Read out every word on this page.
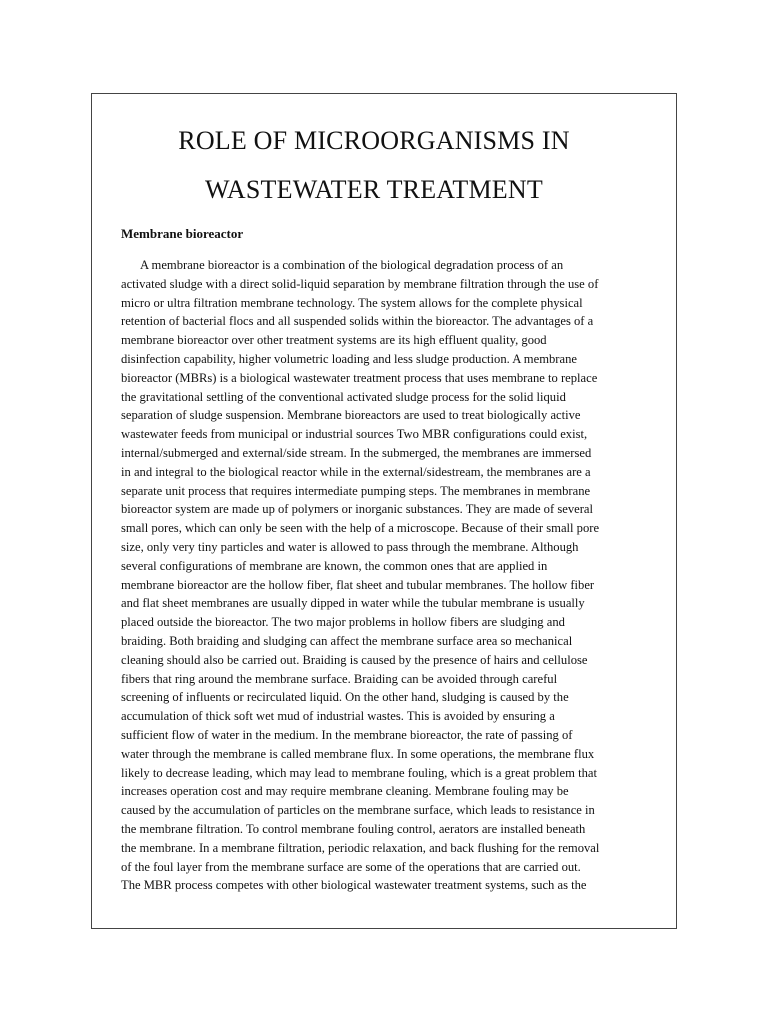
ROLE OF MICROORGANISMS IN
WASTEWATER TREATMENT
Membrane bioreactor
A membrane bioreactor is a combination of the biological degradation process of an
activated sludge with a direct solid-liquid separation by membrane filtration through the use of
micro or ultra filtration membrane technology. The system allows for the complete physical
retention of bacterial flocs and all suspended solids within the bioreactor. The advantages of a
membrane bioreactor over other treatment systems are its high effluent quality, good
disinfection capability, higher volumetric loading and less sludge production. A membrane
bioreactor (MBRs) is a biological wastewater treatment process that uses membrane to replace
the gravitational settling of the conventional activated sludge process for the solid liquid
separation of sludge suspension. Membrane bioreactors are used to treat biologically active
wastewater feeds from municipal or industrial sources Two MBR configurations could exist,
internal/submerged and external/side stream. In the submerged, the membranes are immersed
in and integral to the biological reactor while in the external/sidestream, the membranes are a
separate unit process that requires intermediate pumping steps. The membranes in membrane
bioreactor system are made up of polymers or inorganic substances. They are made of several
small pores, which can only be seen with the help of a microscope. Because of their small pore
size, only very tiny particles and water is allowed to pass through the membrane. Although
several configurations of membrane are known, the common ones that are applied in
membrane bioreactor are the hollow fiber, flat sheet and tubular membranes. The hollow fiber
and flat sheet membranes are usually dipped in water while the tubular membrane is usually
placed outside the bioreactor. The two major problems in hollow fibers are sludging and
braiding. Both braiding and sludging can affect the membrane surface area so mechanical
cleaning should also be carried out. Braiding is caused by the presence of hairs and cellulose
fibers that ring around the membrane surface. Braiding can be avoided through careful
screening of influents or recirculated liquid. On the other hand, sludging is caused by the
accumulation of thick soft wet mud of industrial wastes. This is avoided by ensuring a
sufficient flow of water in the medium. In the membrane bioreactor, the rate of passing of
water through the membrane is called membrane flux. In some operations, the membrane flux
likely to decrease leading, which may lead to membrane fouling, which is a great problem that
increases operation cost and may require membrane cleaning. Membrane fouling may be
caused by the accumulation of particles on the membrane surface, which leads to resistance in
the membrane filtration. To control membrane fouling control, aerators are installed beneath
the membrane. In a membrane filtration, periodic relaxation, and back flushing for the removal
of the foul layer from the membrane surface are some of the operations that are carried out.
The MBR process competes with other biological wastewater treatment systems, such as the
